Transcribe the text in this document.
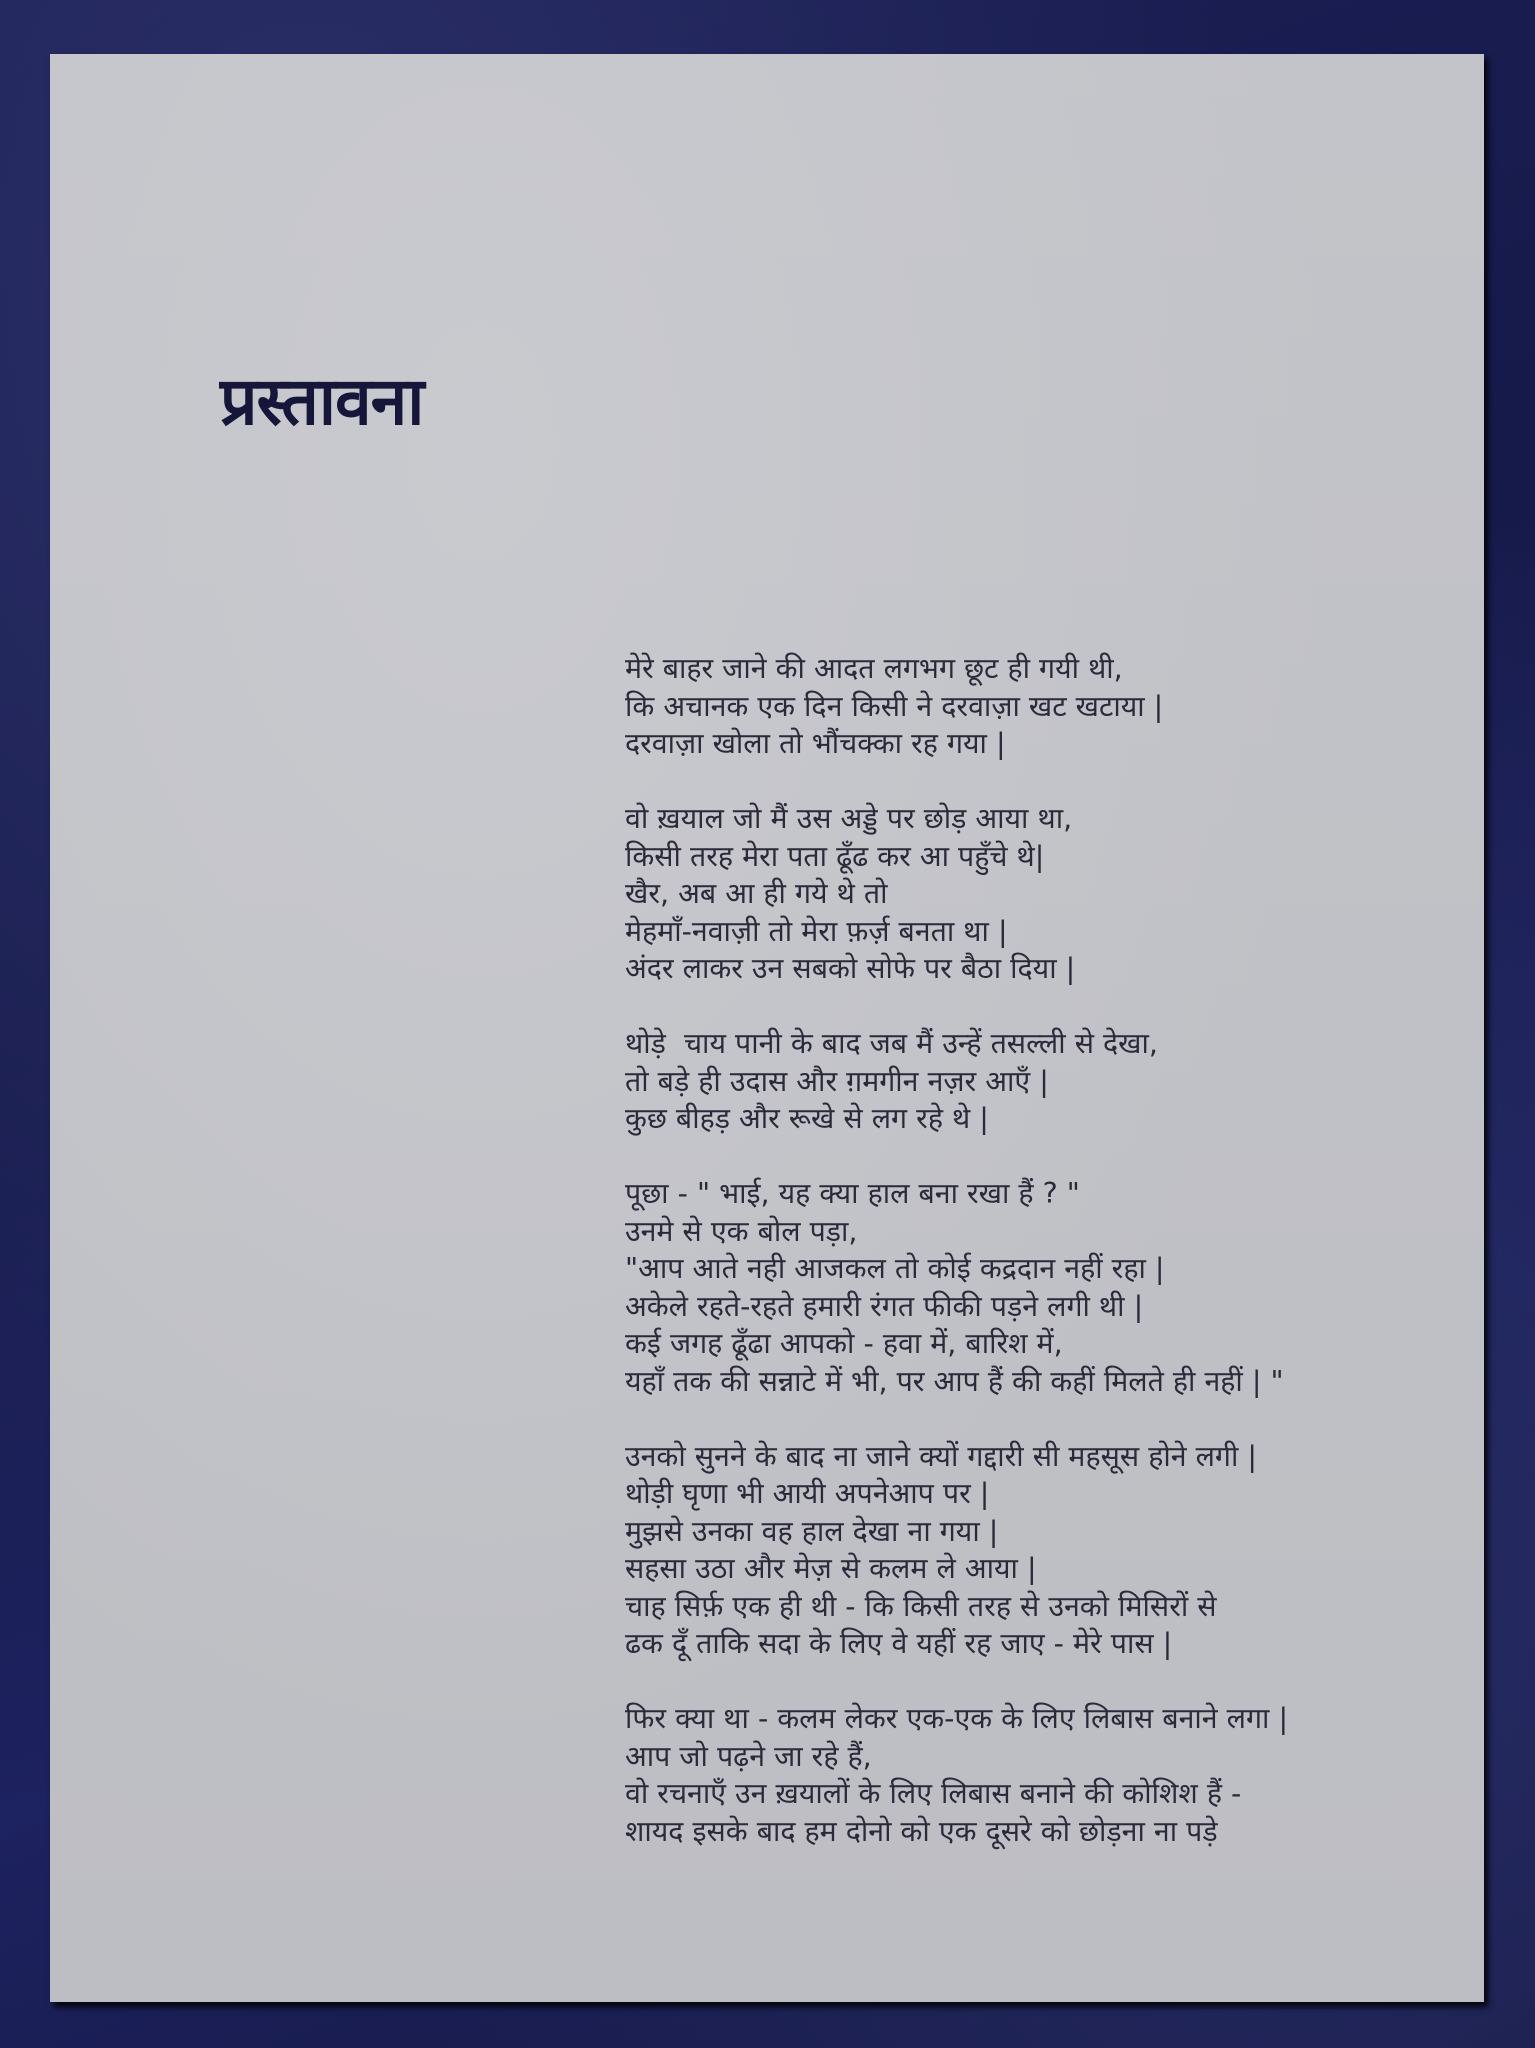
प्रस्तावना
मेरे बाहर जाने की आदत लगभग छूट ही गयी थी,
कि अचानक एक दिन किसी ने दरवाज़ा खट खटाया |
दरवाज़ा खोला तो भौंचक्का रह गया |
वो ख़याल जो मैं उस अड्डे पर छोड़ आया था,
किसी तरह मेरा पता ढूँढ कर आ पहुँचे थे|
खैर, अब आ ही गये थे तो
मेहमाँ-नवाज़ी तो मेरा फ़र्ज़ बनता था |
अंदर लाकर उन सबको सोफे पर बैठा दिया |
थोड़े  चाय पानी के बाद जब मैं उन्हें तसल्ली से देखा,
तो बड़े ही उदास और ग़मगीन नज़र आएँ |
कुछ बीहड़ और रूखे से लग रहे थे |
पूछा - " भाई, यह क्या हाल बना रखा हैं ? "
उनमे से एक बोल पड़ा,
"आप आते नही आजकल तो कोई कद्रदान नहीं रहा |
अकेले रहते-रहते हमारी रंगत फीकी पड़ने लगी थी |
कई जगह ढूँढा आपको - हवा में, बारिश में,
यहाँ तक की सन्नाटे में भी, पर आप हैं की कहीं मिलते ही नहीं | "
उनको सुनने के बाद ना जाने क्यों गद्दारी सी महसूस होने लगी |
थोड़ी घृणा भी आयी अपनेआप पर |
मुझसे उनका वह हाल देखा ना गया |
सहसा उठा और मेज़ से कलम ले आया |
चाह सिर्फ़ एक ही थी - कि किसी तरह से उनको मिसिरों से
ढक दूँ ताकि सदा के लिए वे यहीं रह जाए - मेरे पास |
फिर क्या था - कलम लेकर एक-एक के लिए लिबास बनाने लगा |
आप जो पढ़ने जा रहे हैं,
वो रचनाएँ उन ख़यालों के लिए लिबास बनाने की कोशिश हैं -
शायद इसके बाद हम दोनो को एक दूसरे को छोड़ना ना पड़े
